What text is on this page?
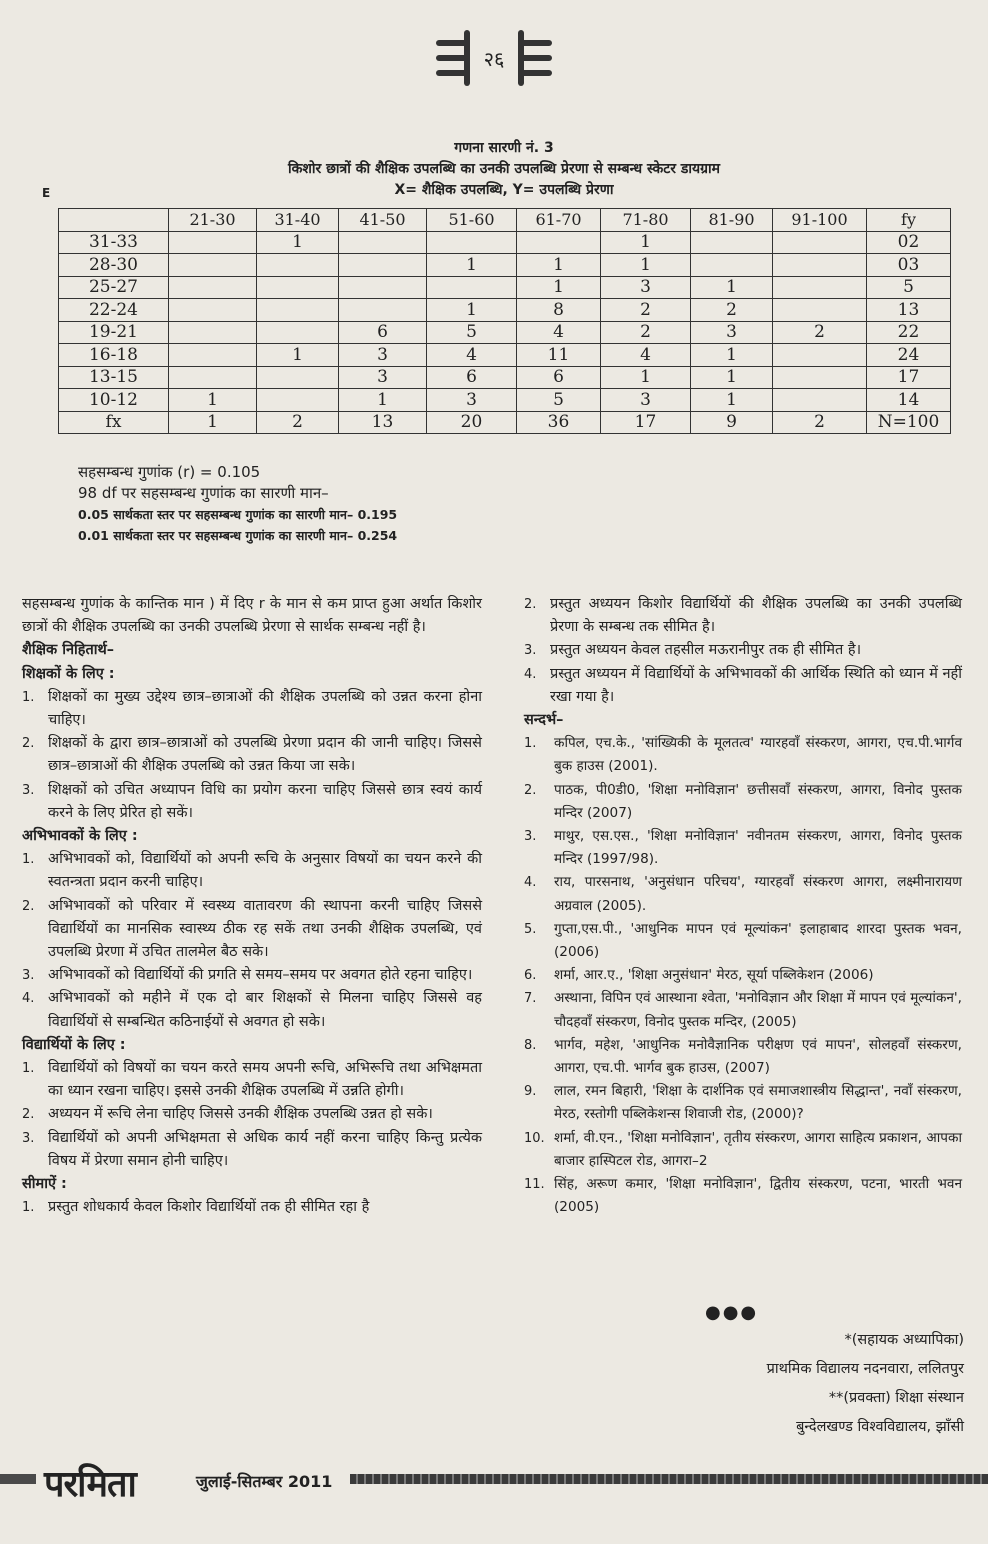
२६
गणना सारणी नं. 3
किशोर छात्रों की शैक्षिक उपलब्धि का उनकी उपलब्धि प्रेरणा से सम्बन्ध स्केटर डायग्राम
X= शैक्षिक उपलब्धि, Y= उपलब्धि प्रेरणा
E
	21-30	31-40	41-50	51-60	61-70	71-80	81-90	91-100	fy
31-33		1				1			02
28-30				1	1	1			03
25-27					1	3	1		5
22-24				1	8	2	2		13
19-21			6	5	4	2	3	2	22
16-18		1	3	4	11	4	1		24
13-15			3	6	6	1	1		17
10-12	1		1	3	5	3	1		14
fx	1	2	13	20	36	17	9	2	N=100
सहसम्बन्ध गुणांक (r) = 0.105
98 df पर सहसम्बन्ध गुणांक का सारणी मान–
0.05 सार्थकता स्तर पर सहसम्बन्ध गुणांक का सारणी मान– 0.195
0.01 सार्थकता स्तर पर सहसम्बन्ध गुणांक का सारणी मान– 0.254

सहसम्बन्ध गुणांक के कान्तिक मान ) में दिए r के मान से कम प्राप्त हुआ अर्थात किशोर छात्रों की शैक्षिक उपलब्धि का उनकी उपलब्धि प्रेरणा से सार्थक सम्बन्ध नहीं है।

शैक्षिक निहितार्थ–
शिक्षकों के लिए :
1. शिक्षकों का मुख्य उद्देश्य छात्र–छात्राओं की शैक्षिक उपलब्धि को उन्नत करना होना चाहिए।
2. शिक्षकों के द्वारा छात्र–छात्राओं को उपलब्धि प्रेरणा प्रदान की जानी चाहिए। जिससे छात्र–छात्राओं की शैक्षिक उपलब्धि को उन्नत किया जा सके।
3. शिक्षकों को उचित अध्यापन विधि का प्रयोग करना चाहिए जिससे छात्र स्वयं कार्य करने के लिए प्रेरित हो सकें।
अभिभावकों के लिए :
1. अभिभावकों को, विद्यार्थियों को अपनी रूचि के अनुसार विषयों का चयन करने की स्वतन्त्रता प्रदान करनी चाहिए।
2. अभिभावकों को परिवार में स्वस्थ्य वातावरण की स्थापना करनी चाहिए जिससे विद्यार्थियों का मानसिक स्वास्थ्य ठीक रह सकें तथा उनकी शैक्षिक उपलब्धि, एवं उपलब्धि प्रेरणा में उचित तालमेल बैठ सके।
3. अभिभावकों को विद्यार्थियों की प्रगति से समय–समय पर अवगत होते रहना चाहिए।
4. अभिभावकों को महीने में एक दो बार शिक्षकों से मिलना चाहिए जिससे वह विद्यार्थियों से सम्बन्धित कठिनाईयों से अवगत हो सके।
विद्यार्थियों के लिए :
1. विद्यार्थियों को विषयों का चयन करते समय अपनी रूचि, अभिरूचि तथा अभिक्षमता का ध्यान रखना चाहिए। इससे उनकी शैक्षिक उपलब्धि में उन्नति होगी।
2. अध्ययन में रूचि लेना चाहिए जिससे उनकी शैक्षिक उपलब्धि उन्नत हो सके।
3. विद्यार्थियों को अपनी अभिक्षमता से अधिक कार्य नहीं करना चाहिए किन्तु प्रत्येक विषय में प्रेरणा समान होनी चाहिए।
सीमाऐं :
1. प्रस्तुत शोधकार्य केवल किशोर विद्यार्थियों तक ही सीमित रहा है
2. प्रस्तुत अध्ययन किशोर विद्यार्थियों की शैक्षिक उपलब्धि का उनकी उपलब्धि प्रेरणा के सम्बन्ध तक सीमित है।
3. प्रस्तुत अध्ययन केवल तहसील मऊरानीपुर तक ही सीमित है।
4. प्रस्तुत अध्ययन में विद्यार्थियों के अभिभावकों की आर्थिक स्थिति को ध्यान में नहीं रखा गया है।
सन्दर्भ–
1. कपिल, एच.के., 'सांख्यिकी के मूलतत्व' ग्यारहवाँ संस्करण, आगरा, एच.पी.भार्गव बुक हाउस (2001).
2. पाठक, पी0डी0, 'शिक्षा मनोविज्ञान' छत्तीसवाँ संस्करण, आगरा, विनोद पुस्तक मन्दिर (2007)
3. माथुर, एस.एस., 'शिक्षा मनोविज्ञान' नवीनतम संस्करण, आगरा, विनोद पुस्तक मन्दिर (1997/98).
4. राय, पारसनाथ, 'अनुसंधान परिचय', ग्यारहवाँ संस्करण आगरा, लक्ष्मीनारायण अग्रवाल (2005).
5. गुप्ता,एस.पी., 'आधुनिक मापन एवं मूल्यांकन' इलाहाबाद शारदा पुस्तक भवन, (2006)
6. शर्मा, आर.ए., 'शिक्षा अनुसंधान' मेरठ, सूर्या पब्लिकेशन (2006)
7. अस्थाना, विपिन एवं आस्थाना श्वेता, 'मनोविज्ञान और शिक्षा में मापन एवं मूल्यांकन', चौदहवाँ संस्करण, विनोद पुस्तक मन्दिर, (2005)
8. भार्गव, महेश, 'आधुनिक मनोवैज्ञानिक परीक्षण एवं मापन', सोलहवाँ संस्करण, आगरा, एच.पी. भार्गव बुक हाउस, (2007)
9. लाल, रमन बिहारी, 'शिक्षा के दार्शनिक एवं समाजशास्त्रीय सिद्धान्त', नवाँ संस्करण, मेरठ, रस्तोगी पब्लिकेशन्स शिवाजी रोड, (2000)?
10. शर्मा, वी.एन., 'शिक्षा मनोविज्ञान', तृतीय संस्करण, आगरा साहित्य प्रकाशन, आपका बाजार हास्पिटल रोड, आगरा–2
11. सिंह, अरूण कमार, 'शिक्षा मनोविज्ञान', द्वितीय संस्करण, पटना, भारती भवन (2005)
●●●
*(सहायक अध्यापिका)
प्राथमिक विद्यालय नदनवारा, ललितपुर
**(प्रवक्ता) शिक्षा संस्थान
बुन्देलखण्ड विश्वविद्यालय, झाँसी
परमिता	जुलाई-सितम्बर 2011
